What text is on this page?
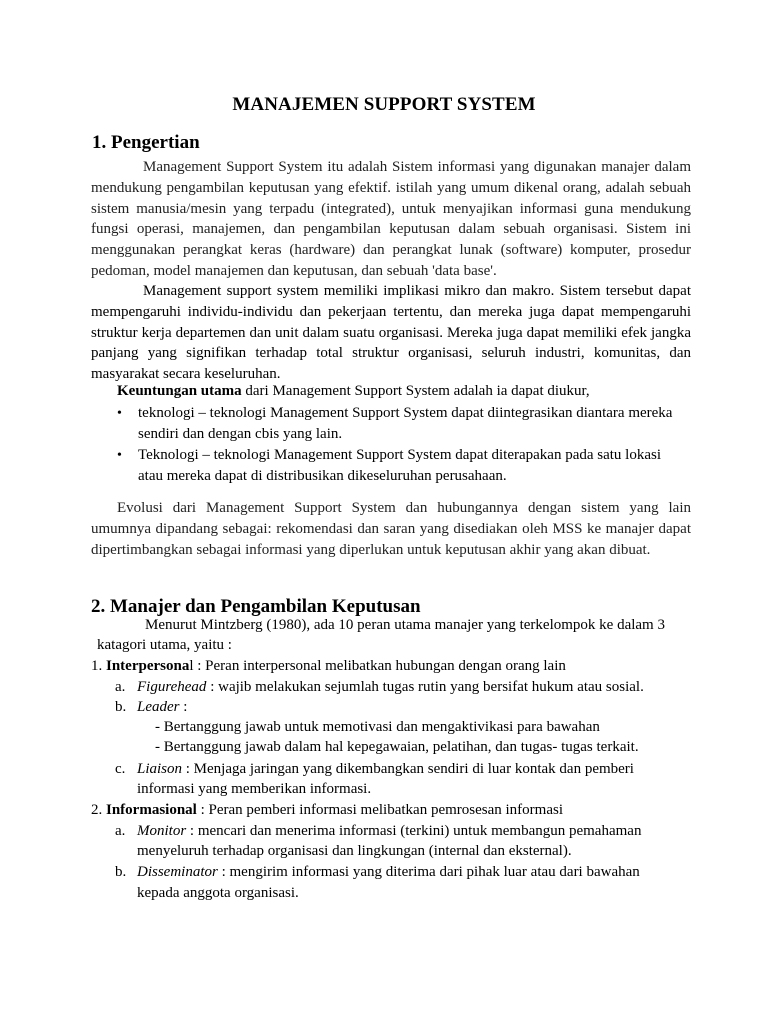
MANAJEMEN SUPPORT SYSTEM
1. Pengertian

Management Support System itu adalah Sistem informasi yang digunakan manajer dalam mendukung pengambilan keputusan yang efektif. istilah yang umum dikenal orang, adalah sebuah sistem manusia/mesin yang terpadu (integrated), untuk menyajikan informasi guna mendukung fungsi operasi, manajemen, dan pengambilan keputusan dalam sebuah organisasi. Sistem ini menggunakan perangkat keras (hardware) dan perangkat lunak (software) komputer, prosedur pedoman, model manajemen dan keputusan, dan sebuah 'data base'.

Management support system memiliki implikasi mikro dan makro. Sistem tersebut dapat mempengaruhi individu-individu dan pekerjaan tertentu, dan mereka juga dapat mempengaruhi struktur kerja departemen dan unit dalam suatu organisasi. Mereka juga dapat memiliki efek jangka panjang yang signifikan terhadap total struktur organisasi, seluruh industri, komunitas, dan masyarakat secara keseluruhan.

Keuntungan utama dari Management Support System adalah ia dapat diukur,
• teknologi – teknologi Management Support System dapat diintegrasikan diantara mereka sendiri dan dengan cbis yang lain.
• Teknologi – teknologi Management Support System dapat diterapakan pada satu lokasi atau mereka dapat di distribusikan dikeseluruhan perusahaan.

Evolusi dari Management Support System dan hubungannya dengan sistem yang lain umumnya dipandang sebagai: rekomendasi dan saran yang disediakan oleh MSS ke manajer dapat dipertimbangkan sebagai informasi yang diperlukan untuk keputusan akhir yang akan dibuat.

2. Manajer dan Pengambilan Keputusan
Menurut Mintzberg (1980), ada 10 peran utama manajer yang terkelompok ke dalam 3
katagori utama, yaitu :
1. Interpersonal : Peran interpersonal melibatkan hubungan dengan orang lain
a. Figurehead : wajib melakukan sejumlah tugas rutin yang bersifat hukum atau sosial.
b. Leader :
- Bertanggung jawab untuk memotivasi dan mengaktivikasi para bawahan
- Bertanggung jawab dalam hal kepegawaian, pelatihan, dan tugas- tugas terkait.
c. Liaison : Menjaga jaringan yang dikembangkan sendiri di luar kontak dan pemberi
informasi yang memberikan informasi.
2. Informasional : Peran pemberi informasi melibatkan pemrosesan informasi
a. Monitor : mencari dan menerima informasi (terkini) untuk membangun pemahaman
menyeluruh terhadap organisasi dan lingkungan (internal dan eksternal).
b. Disseminator : mengirim informasi yang diterima dari pihak luar atau dari bawahan
kepada anggota organisasi.
